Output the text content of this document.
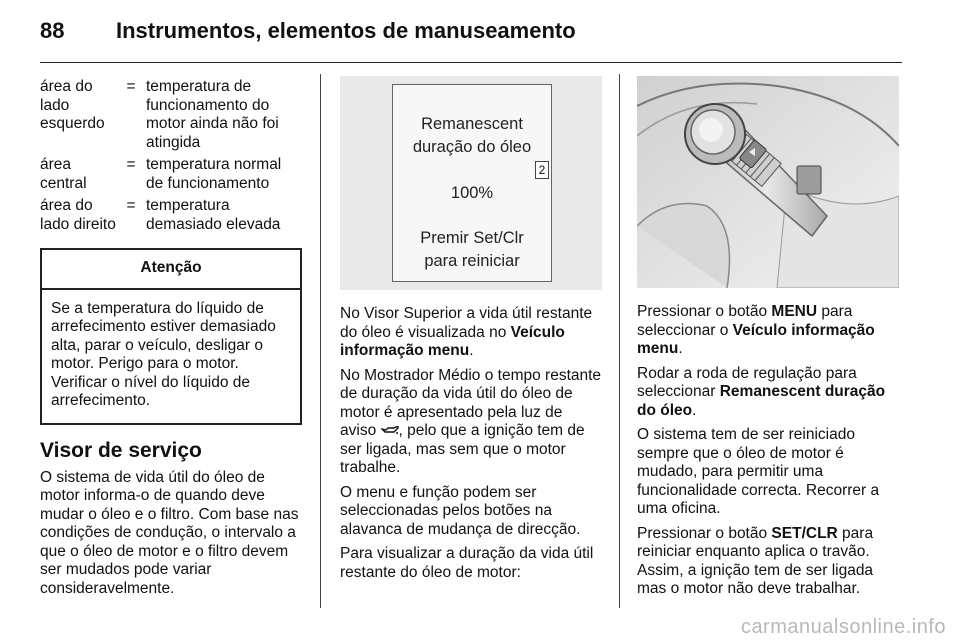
88 Instrumentos, elementos de manuseamento
área do lado esquerdo
= temperatura de funcionamento do motor ainda não foi atingida
área central
= temperatura normal de funcionamento
área do lado direito
= temperatura demasiado elevada
Atenção
Se a temperatura do líquido de arrefecimento estiver demasiado alta, parar o veículo, desligar o motor. Perigo para o motor. Verificar o nível do líquido de arrefecimento.
Visor de serviço

O sistema de vida útil do óleo de motor informa-o de quando deve mudar o óleo e o filtro. Com base nas condições de condução, o intervalo a que o óleo de motor e o filtro devem ser mudados pode variar consideravelmente.

Remanescent
duração do óleo
2
100%
Premir Set/Clr
para reiniciar

No Visor Superior a vida útil restante do óleo é visualizada no Veículo informação menu.

No Mostrador Médio o tempo restante de duração da vida útil do óleo de motor é apresentado pela luz de aviso , pelo que a ignição tem de ser ligada, mas sem que o motor trabalhe.

O menu e função podem ser seleccionadas pelos botões na alavanca de mudança de direcção.

Para visualizar a duração da vida útil restante do óleo de motor:

Pressionar o botão MENU para seleccionar o Veículo informação menu.

Rodar a roda de regulação para seleccionar Remanescent duração do óleo.

O sistema tem de ser reiniciado sempre que o óleo de motor é mudado, para permitir uma funcionalidade correcta. Recorrer a uma oficina.

Pressionar o botão SET/CLR para reiniciar enquanto aplica o travão. Assim, a ignição tem de ser ligada mas o motor não deve trabalhar.

carmanualsonline.info
